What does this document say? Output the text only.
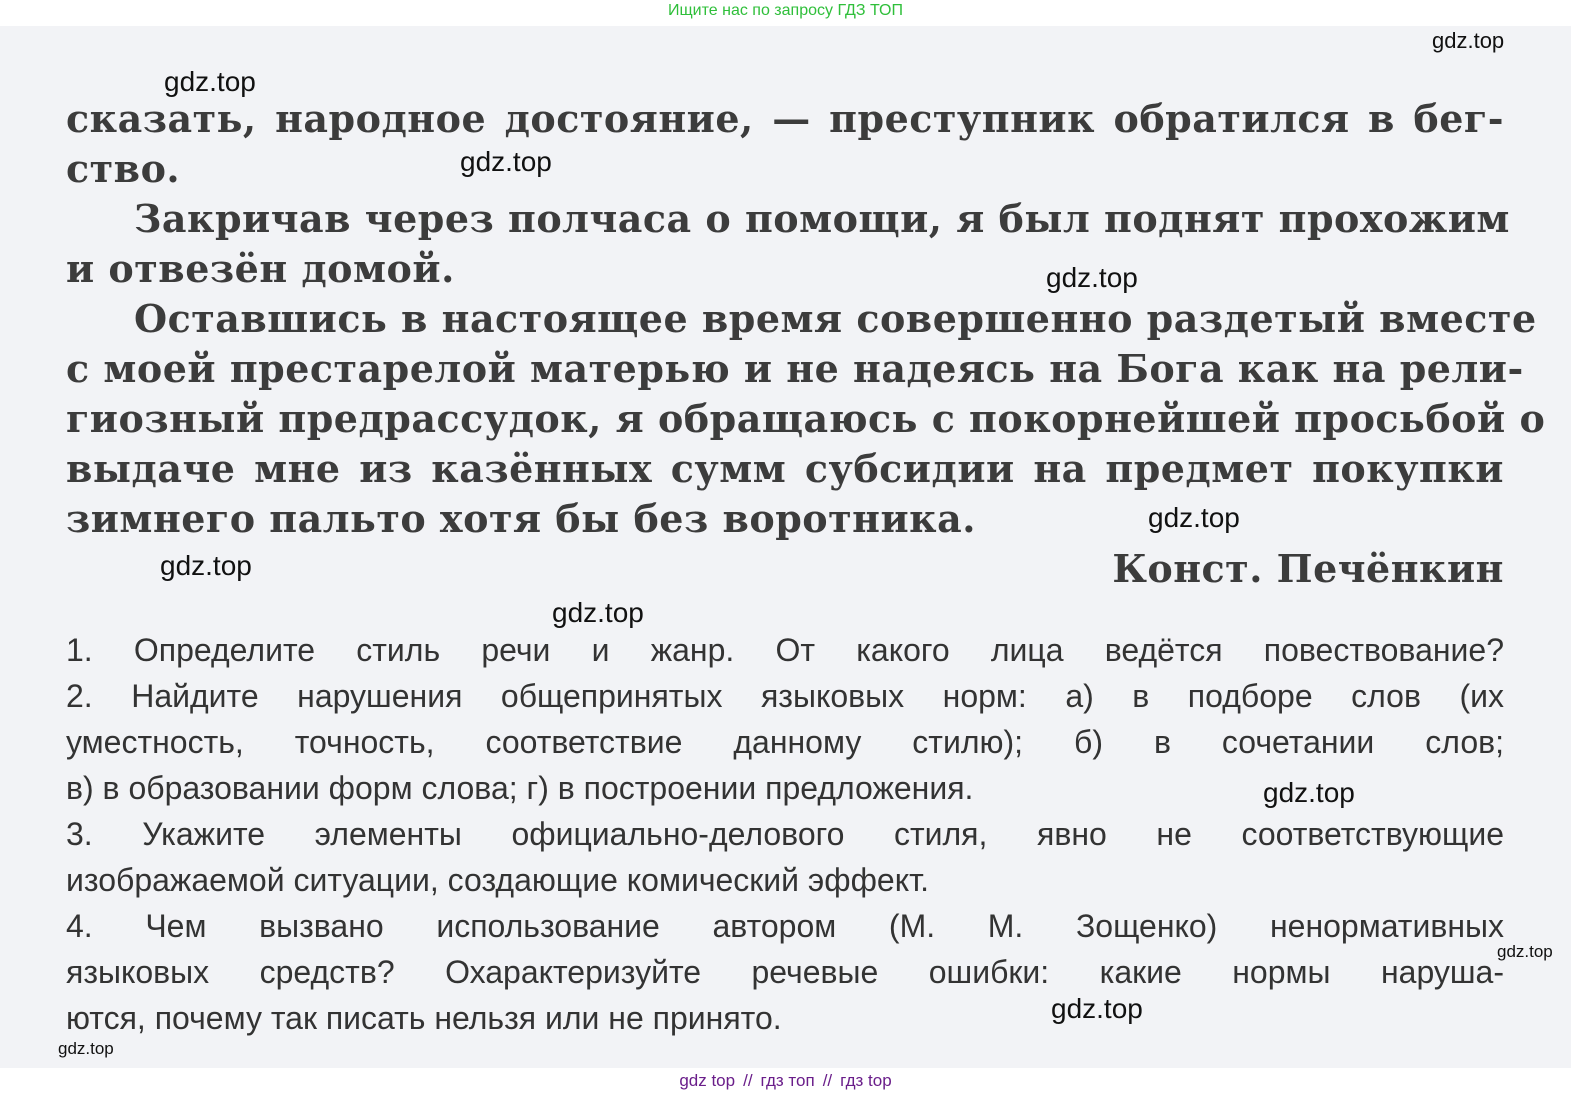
Ищите нас по запросу ГДЗ ТОП

сказать, народное достояние, — преступник обратился в бег-

ство.

Закричав через полчаса о помощи, я был поднят прохожим

и отвезён домой.

Оставшись в настоящее время совершенно раздетый вместе

с моей престарелой матерью и не надеясь на Бога как на рели-

гиозный предрассудок, я обращаюсь с покорнейшей просьбой о

выдаче мне из казённых сумм субсидии на предмет покупки

зимнего пальто хотя бы без воротника.

Конст. Печёнкин

1. Определите стиль речи и жанр. От какого лица ведётся повествование?

2. Найдите нарушения общепринятых языковых норм: а) в подборе слов (их

уместность, точность, соответствие данному стилю); б) в сочетании слов;

в) в образовании форм слова; г) в построении предложения.

3. Укажите элементы официально-делового стиля, явно не соответствующие

изображаемой ситуации, создающие комический эффект.

4. Чем вызвано использование автором (М. М. Зощенко) ненормативных

языковых средств? Охарактеризуйте речевые ошибки: какие нормы наруша-

ются, почему так писать нельзя или не принято.

gdz.top
gdz.top
gdz.top
gdz.top
gdz.top
gdz.top
gdz.top
gdz.top
gdz.top
gdz.top
gdz.top
gdz top // гдз топ // гдз top
